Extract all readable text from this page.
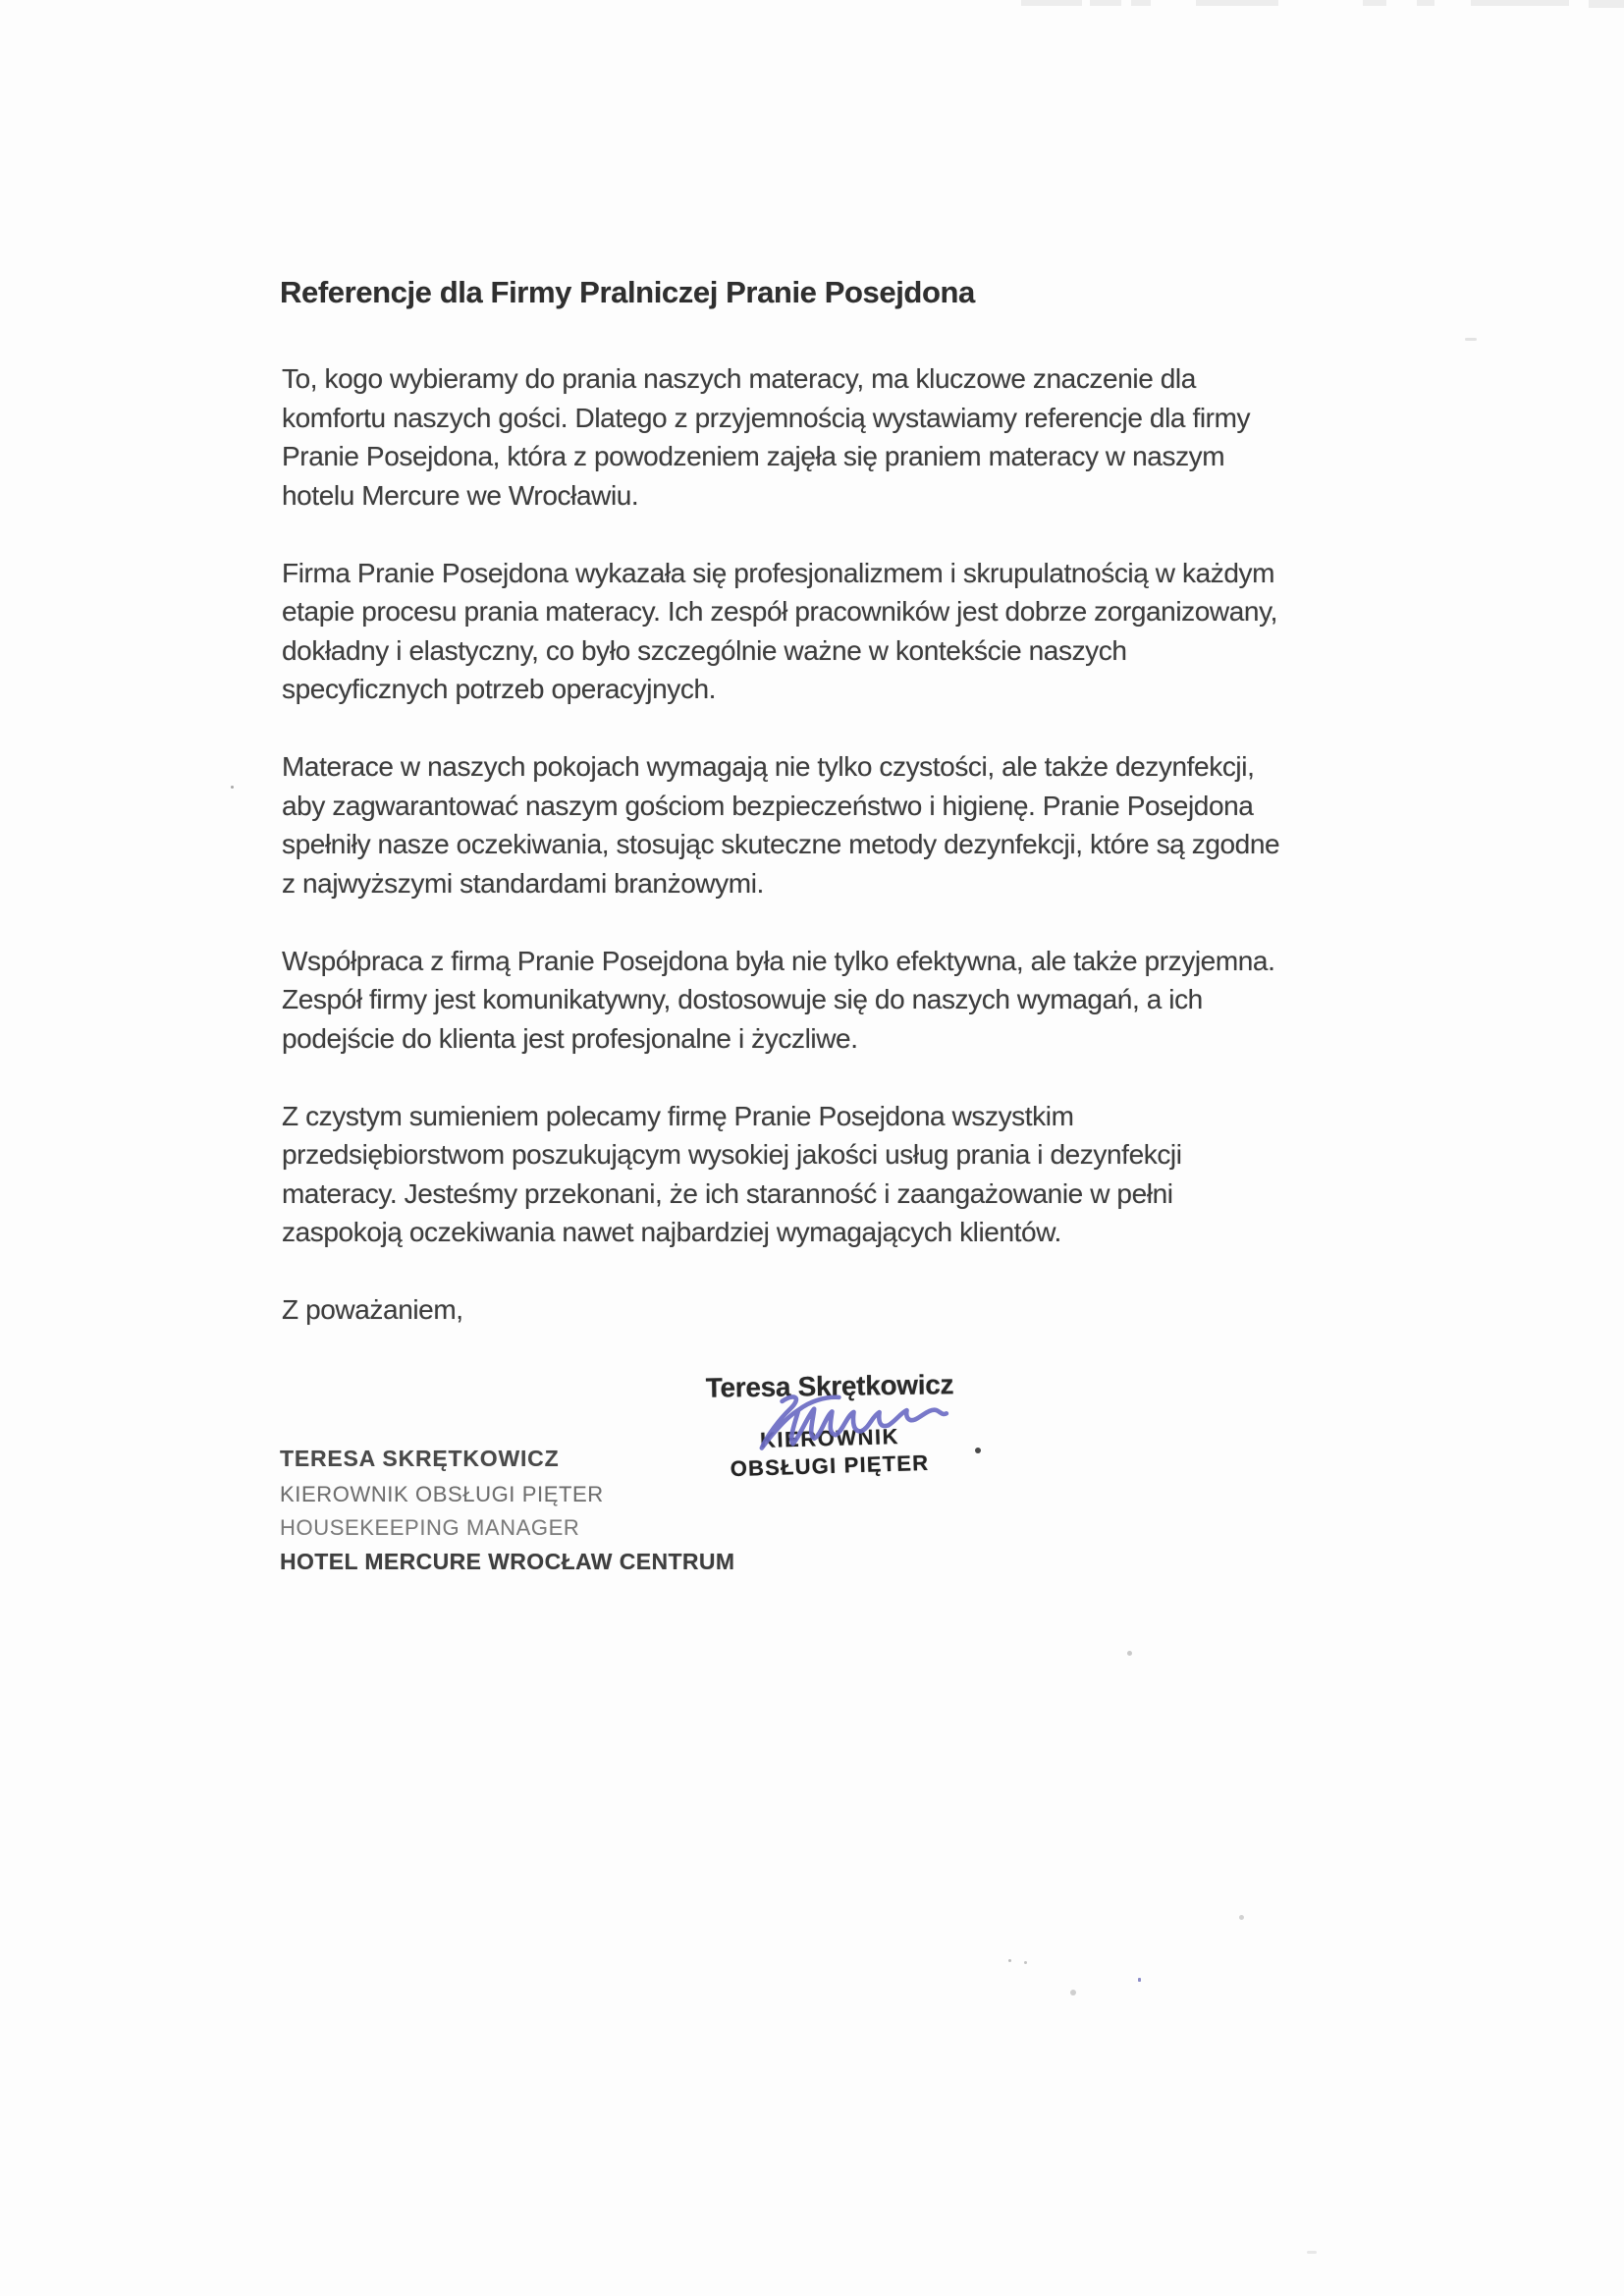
Referencje dla Firmy Pralniczej Pranie Posejdona

To, kogo wybieramy do prania naszych materacy, ma kluczowe znaczenie dla
komfortu naszych gości. Dlatego z przyjemnością wystawiamy referencje dla firmy
Pranie Posejdona, która z powodzeniem zajęła się praniem materacy w naszym
hotelu Mercure we Wrocławiu.

Firma Pranie Posejdona wykazała się profesjonalizmem i skrupulatnością w każdym
etapie procesu prania materacy. Ich zespół pracowników jest dobrze zorganizowany,
dokładny i elastyczny, co było szczególnie ważne w kontekście naszych
specyficznych potrzeb operacyjnych.

Materace w naszych pokojach wymagają nie tylko czystości, ale także dezynfekcji,
aby zagwarantować naszym gościom bezpieczeństwo i higienę. Pranie Posejdona
spełniły nasze oczekiwania, stosując skuteczne metody dezynfekcji, które są zgodne
z najwyższymi standardami branżowymi.

Współpraca z firmą Pranie Posejdona była nie tylko efektywna, ale także przyjemna.
Zespół firmy jest komunikatywny, dostosowuje się do naszych wymagań, a ich
podejście do klienta jest profesjonalne i życzliwe.

Z czystym sumieniem polecamy firmę Pranie Posejdona wszystkim
przedsiębiorstwom poszukującym wysokiej jakości usług prania i dezynfekcji
materacy. Jesteśmy przekonani, że ich staranność i zaangażowanie w pełni
zaspokoją oczekiwania nawet najbardziej wymagających klientów.

Z poważaniem,

Teresa Skrętkowicz
KIEROWNIK
OBSŁUGI PIĘTER
TERESA SKRĘTKOWICZ
KIEROWNIK OBSŁUGI PIĘTER
HOUSEKEEPING MANAGER
HOTEL MERCURE WROCŁAW CENTRUM
